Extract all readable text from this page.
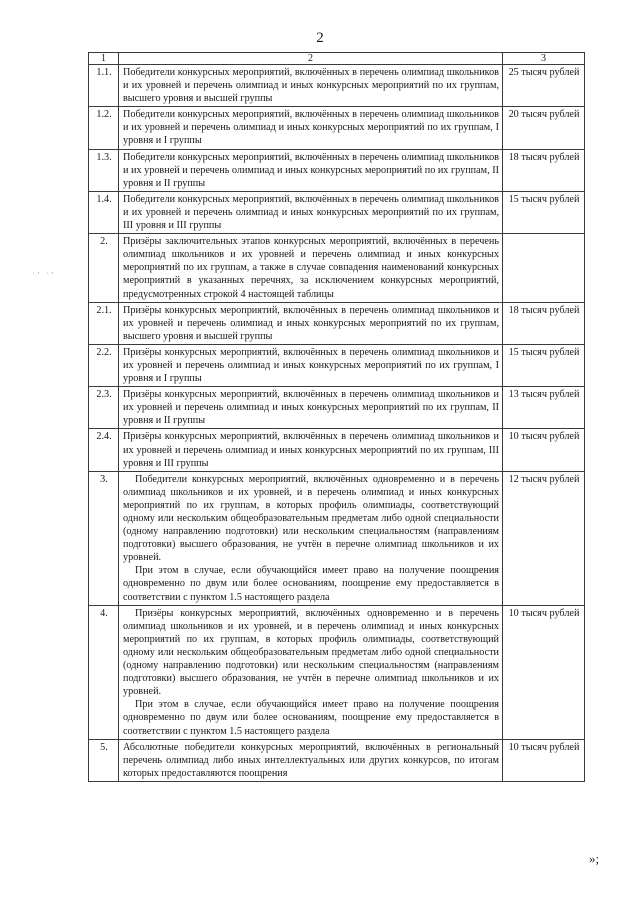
2
·ꞏ ·ꞏ
1	2	3
1.1.	Победители конкурсных мероприятий, включённых в перечень олимпиад школьников и их уровней и перечень олимпиад и иных конкурсных мероприятий по их группам, высшего уровня и высшей группы	25 тысяч рублей
1.2.	Победители конкурсных мероприятий, включённых в перечень олимпиад школьников и их уровней и перечень олимпиад и иных конкурсных мероприятий по их группам, I уровня и I группы	20 тысяч рублей
1.3.	Победители конкурсных мероприятий, включённых в перечень олимпиад школьников и их уровней и перечень олимпиад и иных конкурсных мероприятий по их группам, II уровня и II группы	18 тысяч рублей
1.4.	Победители конкурсных мероприятий, включённых в перечень олимпиад школьников и их уровней и перечень олимпиад и иных конкурсных мероприятий по их группам, III уровня и III группы	15 тысяч рублей
2.	Призёры заключительных этапов конкурсных мероприятий, включённых в перечень олимпиад школьников и их уровней и перечень олимпиад и иных конкурсных мероприятий по их группам, а также в случае совпадения наименований конкурсных мероприятий в указанных перечнях, за исключением конкурсных мероприятий, предусмотренных строкой 4 настоящей таблицы	
2.1.	Призёры конкурсных мероприятий, включённых в перечень олимпиад школьников и их уровней и перечень олимпиад и иных конкурсных мероприятий по их группам, высшего уровня и высшей группы	18 тысяч рублей
2.2.	Призёры конкурсных мероприятий, включённых в перечень олимпиад школьников и их уровней и перечень олимпиад и иных конкурсных мероприятий по их группам, I уровня и I группы	15 тысяч рублей
2.3.	Призёры конкурсных мероприятий, включённых в перечень олимпиад школьников и их уровней и перечень олимпиад и иных конкурсных мероприятий по их группам, II уровня и II группы	13 тысяч рублей
2.4.	Призёры конкурсных мероприятий, включённых в перечень олимпиад школьников и их уровней и перечень олимпиад и иных конкурсных мероприятий по их группам, III уровня и III группы	10 тысяч рублей
3.	Победители конкурсных мероприятий, включённых одновременно и в перечень олимпиад школьников и их уровней, и в перечень олимпиад и иных конкурсных мероприятий по их группам, в которых профиль олимпиады, соответствующий одному или нескольким общеобразовательным предметам либо одной специальности (одному направлению подготовки) или нескольким специальностям (направлениям подготовки) высшего образования, не учтён в перечне олимпиад школьников и их уровней.
При этом в случае, если обучающийся имеет право на получение поощрения одновременно по двум или более основаниям, поощрение ему предоставляется в соответствии с пунктом 1.5 настоящего раздела	12 тысяч рублей
4.	Призёры конкурсных мероприятий, включённых одновременно и в перечень олимпиад школьников и их уровней, и в перечень олимпиад и иных конкурсных мероприятий по их группам, в которых профиль олимпиады, соответствующий одному или нескольким общеобразовательным предметам либо одной специальности (одному направлению подготовки) или нескольким специальностям (направлениям подготовки) высшего образования, не учтён в перечне олимпиад школьников и их уровней.
При этом в случае, если обучающийся имеет право на получение поощрения одновременно по двум или более основаниям, поощрение ему предоставляется в соответствии с пунктом 1.5 настоящего раздела	10 тысяч рублей
5.	Абсолютные победители конкурсных мероприятий, включённых в региональный перечень олимпиад либо иных интеллектуальных или других конкурсов, по итогам которых предоставляются поощрения	10 тысяч рублей
»;
